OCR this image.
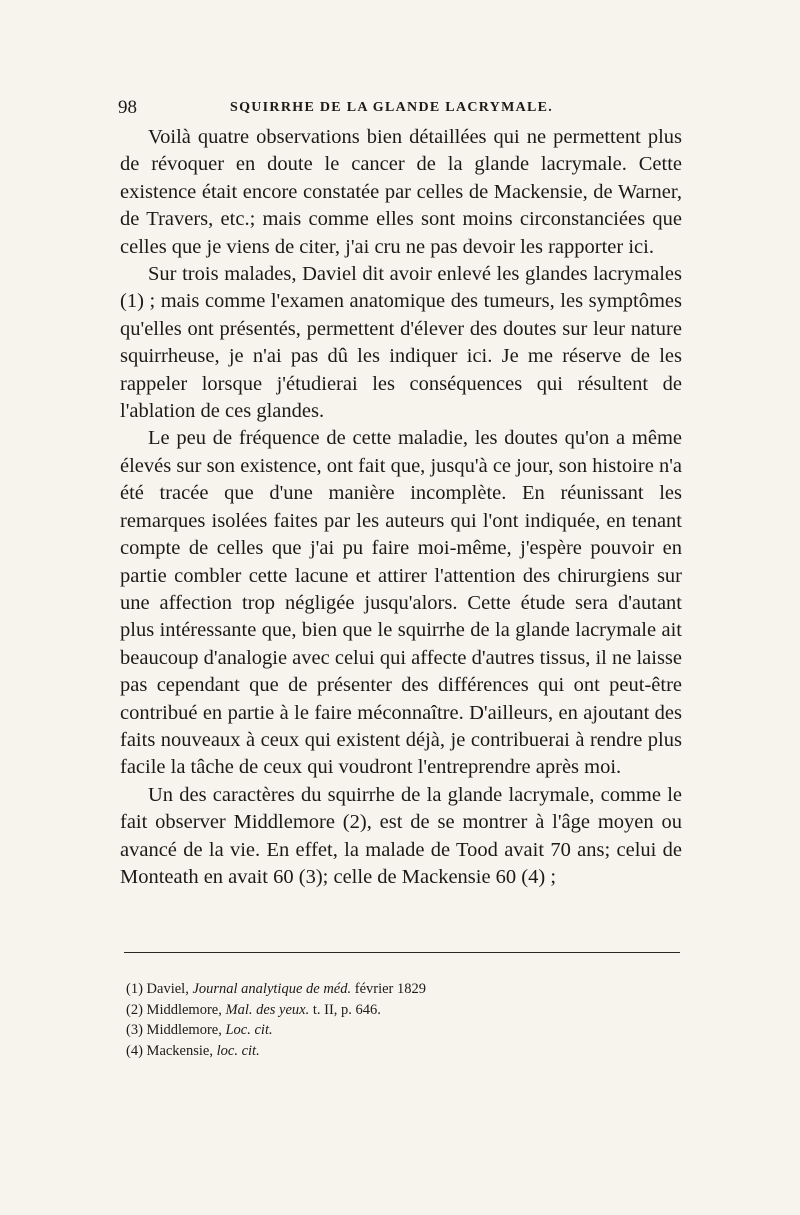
98	SQUIRRHE DE LA GLANDE LACRYMALE.

Voilà quatre observations bien détaillées qui ne permettent plus de révoquer en doute le cancer de la glande lacrymale. Cette existence était encore constatée par celles de Mackensie, de Warner, de Travers, etc.; mais comme elles sont moins circonstanciées que celles que je viens de citer, j'ai cru ne pas devoir les rapporter ici.

Sur trois malades, Daviel dit avoir enlevé les glandes lacrymales (1) ; mais comme l'examen anatomique des tumeurs, les symptômes qu'elles ont présentés, permettent d'élever des doutes sur leur nature squirrheuse, je n'ai pas dû les indiquer ici. Je me réserve de les rappeler lorsque j'étudierai les conséquences qui résultent de l'ablation de ces glandes.

Le peu de fréquence de cette maladie, les doutes qu'on a même élevés sur son existence, ont fait que, jusqu'à ce jour, son histoire n'a été tracée que d'une manière incomplète. En réunissant les remarques isolées faites par les auteurs qui l'ont indiquée, en tenant compte de celles que j'ai pu faire moi-même, j'espère pouvoir en partie combler cette lacune et attirer l'attention des chirurgiens sur une affection trop négligée jusqu'alors. Cette étude sera d'autant plus intéressante que, bien que le squirrhe de la glande lacrymale ait beaucoup d'analogie avec celui qui affecte d'autres tissus, il ne laisse pas cependant que de présenter des différences qui ont peut-être contribué en partie à le faire méconnaître. D'ailleurs, en ajoutant des faits nouveaux à ceux qui existent déjà, je contribuerai à rendre plus facile la tâche de ceux qui voudront l'entreprendre après moi.

Un des caractères du squirrhe de la glande lacrymale, comme le fait observer Middlemore (2), est de se montrer à l'âge moyen ou avancé de la vie. En effet, la malade de Tood avait 70 ans; celui de Monteath en avait 60 (3); celle de Mackensie 60 (4) ;

(1) Daviel, Journal analytique de méd. février 1829
(2) Middlemore, Mal. des yeux. t. II, p. 646.
(3) Middlemore, Loc. cit.
(4) Mackensie, loc. cit.
